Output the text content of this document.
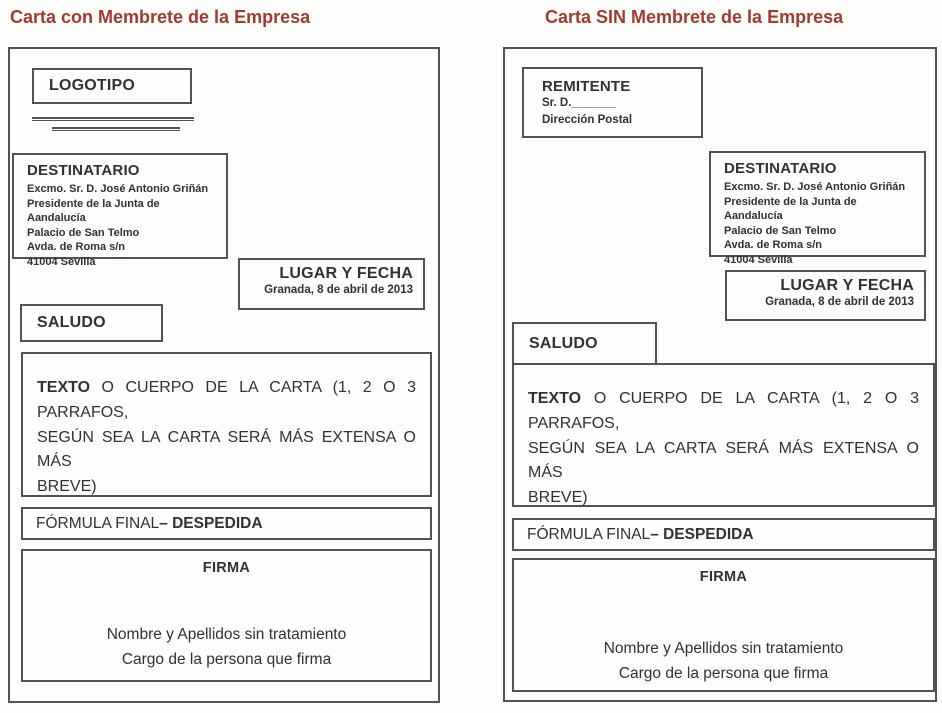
Carta con Membrete de la Empresa
LOGOTIPO
DESTINATARIO
Excmo. Sr. D. José Antonio Griñán
Presidente de la Junta de Aandalucía
Palacio de San Telmo
Avda. de Roma s/n
41004 Sevilla
LUGAR Y FECHA
Granada, 8 de abril de 2013
SALUDO
TEXTO O CUERPO DE LA CARTA (1, 2 O 3 PARRAFOS,
SEGÚN SEA LA CARTA SERÁ MÁS EXTENSA O MÁS
BREVE)
FÓRMULA FINAL – DESPEDIDA
FIRMA
Nombre y Apellidos sin tratamiento
Cargo de la persona que firma
Carta SIN Membrete de la Empresa
REMITENTE
Sr. D._______
Dirección Postal
DESTINATARIO
Excmo. Sr. D. José Antonio Griñán
Presidente de la Junta de Aandalucía
Palacio de San Telmo
Avda. de Roma s/n
41004 Sevilla
LUGAR Y FECHA
Granada, 8 de abril de 2013
SALUDO
TEXTO O CUERPO DE LA CARTA (1, 2 O 3 PARRAFOS,
SEGÚN SEA LA CARTA SERÁ MÁS EXTENSA O MÁS
BREVE)
FÓRMULA FINAL – DESPEDIDA
FIRMA
Nombre y Apellidos sin tratamiento
Cargo de la persona que firma
